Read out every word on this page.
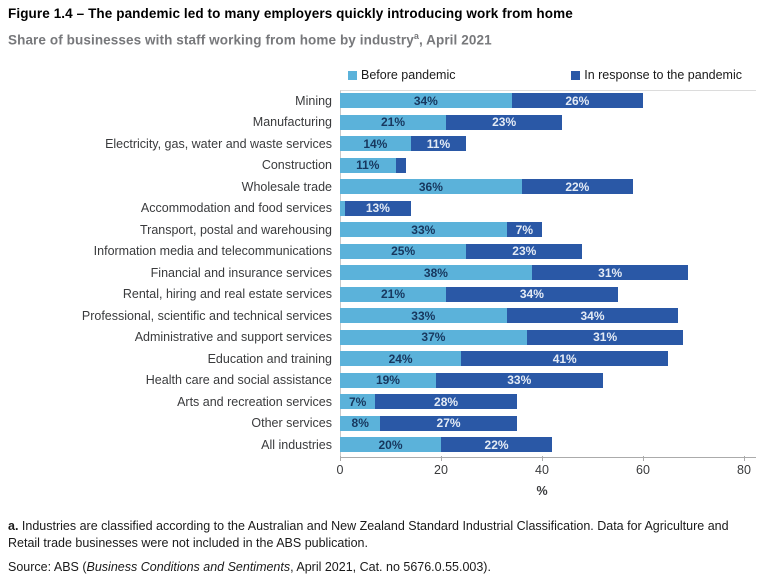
Figure 1.4 – The pandemic led to many employers quickly introducing work from home
Share of businesses with staff working from home by industry$^a$, April 2021
Before pandemic	In response to the pandemic
Mining	34%	26%
Manufacturing	21%	23%
Electricity, gas, water and waste services	14%	11%
Construction	11%
Wholesale trade	36%	22%
Accommodation and food services	13%
Transport, postal and warehousing	33%	7%
Information media and telecommunications	25%	23%
Financial and insurance services	38%	31%
Rental, hiring and real estate services	21%	34%
Professional, scientific and technical services	33%	34%
Administrative and support services	37%	31%
Education and training	24%	41%
Health care and social assistance	19%	33%
Arts and recreation services	7%	28%
Other services	8%	27%
All industries	20%	22%
0	20	40	60	80
%
a. Industries are classified according to the Australian and New Zealand Standard Industrial Classification. Data for Agriculture and Retail trade businesses were not included in the ABS publication.
Source: ABS (Business Conditions and Sentiments, April 2021, Cat. no 5676.0.55.003).
